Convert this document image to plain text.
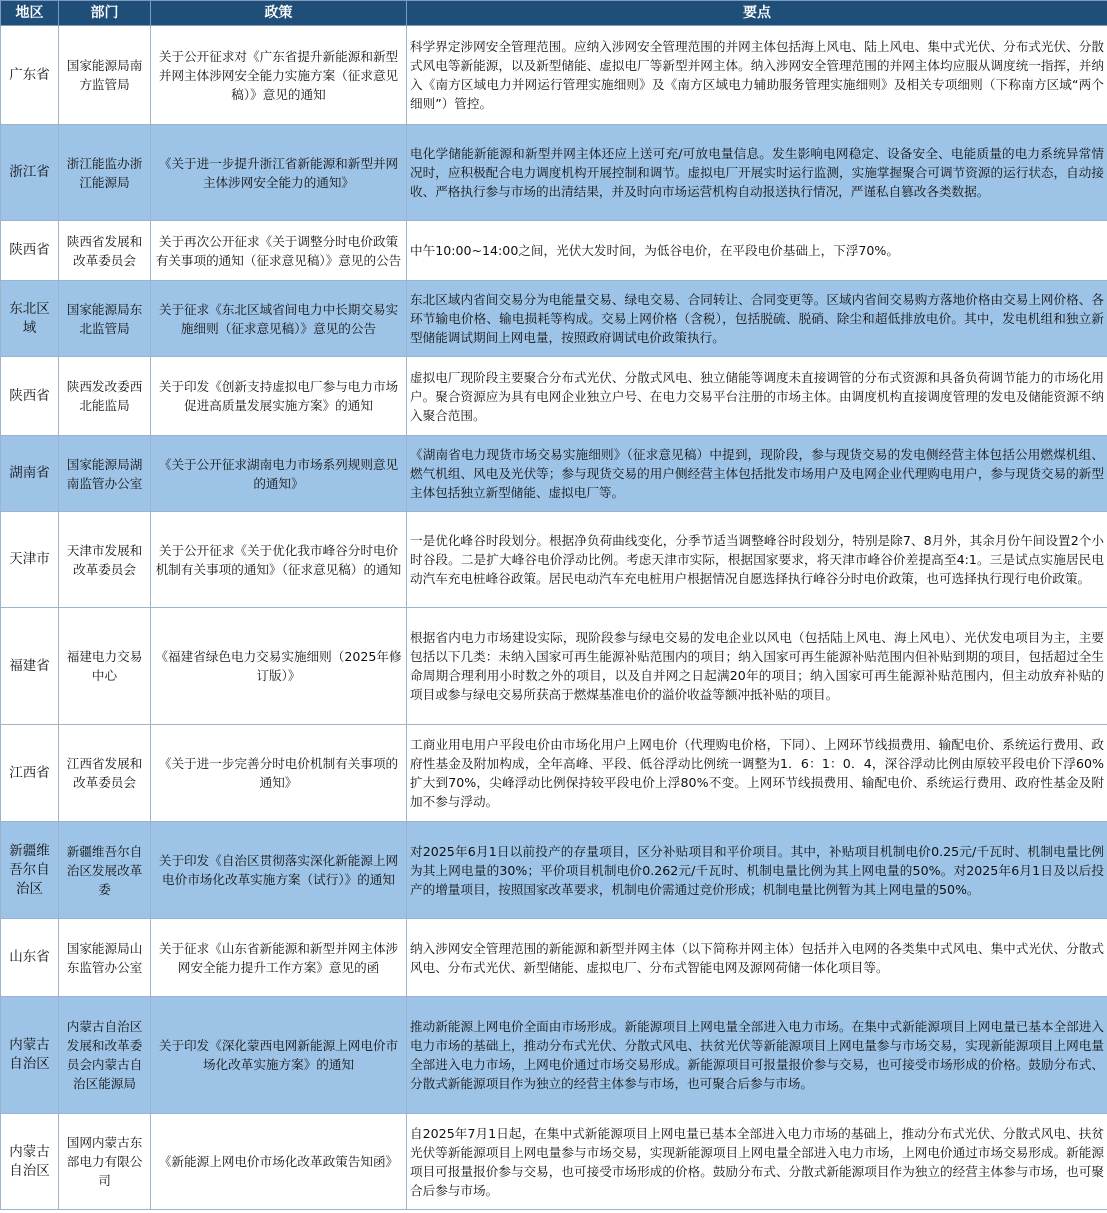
地区	部门	政策	要点
广东省	国家能源局南方监管局	关于公开征求对《广东省提升新能源和新型并网主体涉网安全能力实施方案（征求意见稿）》意见的通知	科学界定涉网安全管理范围。应纳入涉网安全管理范围的并网主体包括海上风电、陆上风电、集中式光伏、分布式光伏、分散式风电等新能源，以及新型储能、虚拟电厂等新型并网主体。纳入涉网安全管理范围的并网主体均应服从调度统一指挥，并纳入《南方区域电力并网运行管理实施细则》及《南方区域电力辅助服务管理实施细则》及相关专项细则（下称南方区域“两个细则”）管控。
浙江省	浙江能监办浙江能源局	《关于进一步提升浙江省新能源和新型并网主体涉网安全能力的通知》	电化学储能新能源和新型并网主体还应上送可充/可放电量信息。发生影响电网稳定、设备安全、电能质量的电力系统异常情况时，应积极配合电力调度机构开展控制和调节。虚拟电厂开展实时运行监测，实施掌握聚合可调节资源的运行状态，自动接收、严格执行参与市场的出清结果，并及时向市场运营机构自动报送执行情况，严谨私自篡改各类数据。
陕西省	陕西省发展和改革委员会	关于再次公开征求《关于调整分时电价政策有关事项的通知（征求意见稿）》意见的公告	中午10:00~14:00之间，光伏大发时间，为低谷电价，在平段电价基础上，下浮70%。
东北区域	国家能源局东北监管局	关于征求《东北区域省间电力中长期交易实施细则（征求意见稿）》意见的公告	东北区域内省间交易分为电能量交易、绿电交易、合同转让、合同变更等。区域内省间交易购方落地价格由交易上网价格、各环节输电价格、输电损耗等构成。交易上网价格（含税），包括脱硫、脱硝、除尘和超低排放电价。其中，发电机组和独立新型储能调试期间上网电量，按照政府调试电价政策执行。
陕西省	陕西发改委西北能监局	关于印发《创新支持虚拟电厂参与电力市场促进高质量发展实施方案》的通知	虚拟电厂现阶段主要聚合分布式光伏、分散式风电、独立储能等调度未直接调管的分布式资源和具备负荷调节能力的市场化用户。聚合资源应为具有电网企业独立户号、在电力交易平台注册的市场主体。由调度机构直接调度管理的发电及储能资源不纳入聚合范围。
湖南省	国家能源局湖南监管办公室	《关于公开征求湖南电力市场系列规则意见的通知》	《湖南省电力现货市场交易实施细则》（征求意见稿）中提到，现阶段，参与现货交易的发电侧经营主体包括公用燃煤机组、燃气机组、风电及光伏等；参与现货交易的用户侧经营主体包括批发市场用户及电网企业代理购电用户，参与现货交易的新型主体包括独立新型储能、虚拟电厂等。
天津市	天津市发展和改革委员会	关于公开征求《关于优化我市峰谷分时电价机制有关事项的通知》（征求意见稿）的通知	一是优化峰谷时段划分。根据净负荷曲线变化，分季节适当调整峰谷时段划分，特别是除7、8月外，其余月份午间设置2个小时谷段。二是扩大峰谷电价浮动比例。考虑天津市实际，根据国家要求，将天津市峰谷价差提高至4:1。三是试点实施居民电动汽车充电桩峰谷政策。居民电动汽车充电桩用户根据情况自愿选择执行峰谷分时电价政策，也可选择执行现行电价政策。
福建省	福建电力交易中心	《福建省绿色电力交易实施细则（2025年修订版）》	根据省内电力市场建设实际，现阶段参与绿电交易的发电企业以风电（包括陆上风电、海上风电）、光伏发电项目为主，主要包括以下几类：未纳入国家可再生能源补贴范围内的项目；纳入国家可再生能源补贴范围内但补贴到期的项目，包括超过全生命周期合理利用小时数之外的项目，以及自并网之日起满20年的项目；纳入国家可再生能源补贴范围内，但主动放弃补贴的项目或参与绿电交易所获高于燃煤基准电价的溢价收益等额冲抵补贴的项目。
江西省	江西省发展和改革委员会	《关于进一步完善分时电价机制有关事项的通知》	工商业用电用户平段电价由市场化用户上网电价（代理购电价格，下同）、上网环节线损费用、输配电价、系统运行费用、政府性基金及附加构成，全年高峰、平段、低谷浮动比例统一调整为1．6：1：0．4，深谷浮动比例由原较平段电价下浮60%扩大到70%，尖峰浮动比例保持较平段电价上浮80%不变。上网环节线损费用、输配电价、系统运行费用、政府性基金及附加不参与浮动。
新疆维吾尔自治区	新疆维吾尔自治区发展改革委	关于印发《自治区贯彻落实深化新能源上网电价市场化改革实施方案（试行）》的通知	对2025年6月1日以前投产的存量项目，区分补贴项目和平价项目。其中，补贴项目机制电价0.25元/千瓦时、机制电量比例为其上网电量的30%；平价项目机制电价0.262元/千瓦时、机制电量比例为其上网电量的50%。对2025年6月1日及以后投产的增量项目，按照国家改革要求，机制电价需通过竞价形成；机制电量比例暂为其上网电量的50%。
山东省	国家能源局山东监管办公室	关于征求《山东省新能源和新型并网主体涉网安全能力提升工作方案》意见的函	纳入涉网安全管理范围的新能源和新型并网主体（以下简称并网主体）包括并入电网的各类集中式风电、集中式光伏、分散式风电、分布式光伏、新型储能、虚拟电厂、分布式智能电网及源网荷储一体化项目等。
内蒙古自治区	内蒙古自治区发展和改革委员会内蒙古自治区能源局	关于印发《深化蒙西电网新能源上网电价市场化改革实施方案》的通知	推动新能源上网电价全面由市场形成。新能源项目上网电量全部进入电力市场。在集中式新能源项目上网电量已基本全部进入电力市场的基础上，推动分布式光伏、分散式风电、扶贫光伏等新能源项目上网电量参与市场交易，实现新能源项目上网电量全部进入电力市场，上网电价通过市场交易形成。新能源项目可报量报价参与交易，也可接受市场形成的价格。鼓励分布式、分散式新能源项目作为独立的经营主体参与市场，也可聚合后参与市场。
内蒙古自治区	国网内蒙古东部电力有限公司	《新能源上网电价市场化改革政策告知函》	自2025年7月1日起，在集中式新能源项目上网电量已基本全部进入电力市场的基础上，推动分布式光伏、分散式风电、扶贫光伏等新能源项目上网电量参与市场交易，实现新能源项目上网电量全部进入电力市场，上网电价通过市场交易形成。新能源项目可报量报价参与交易，也可接受市场形成的价格。鼓励分布式、分散式新能源项目作为独立的经营主体参与市场，也可聚合后参与市场。
